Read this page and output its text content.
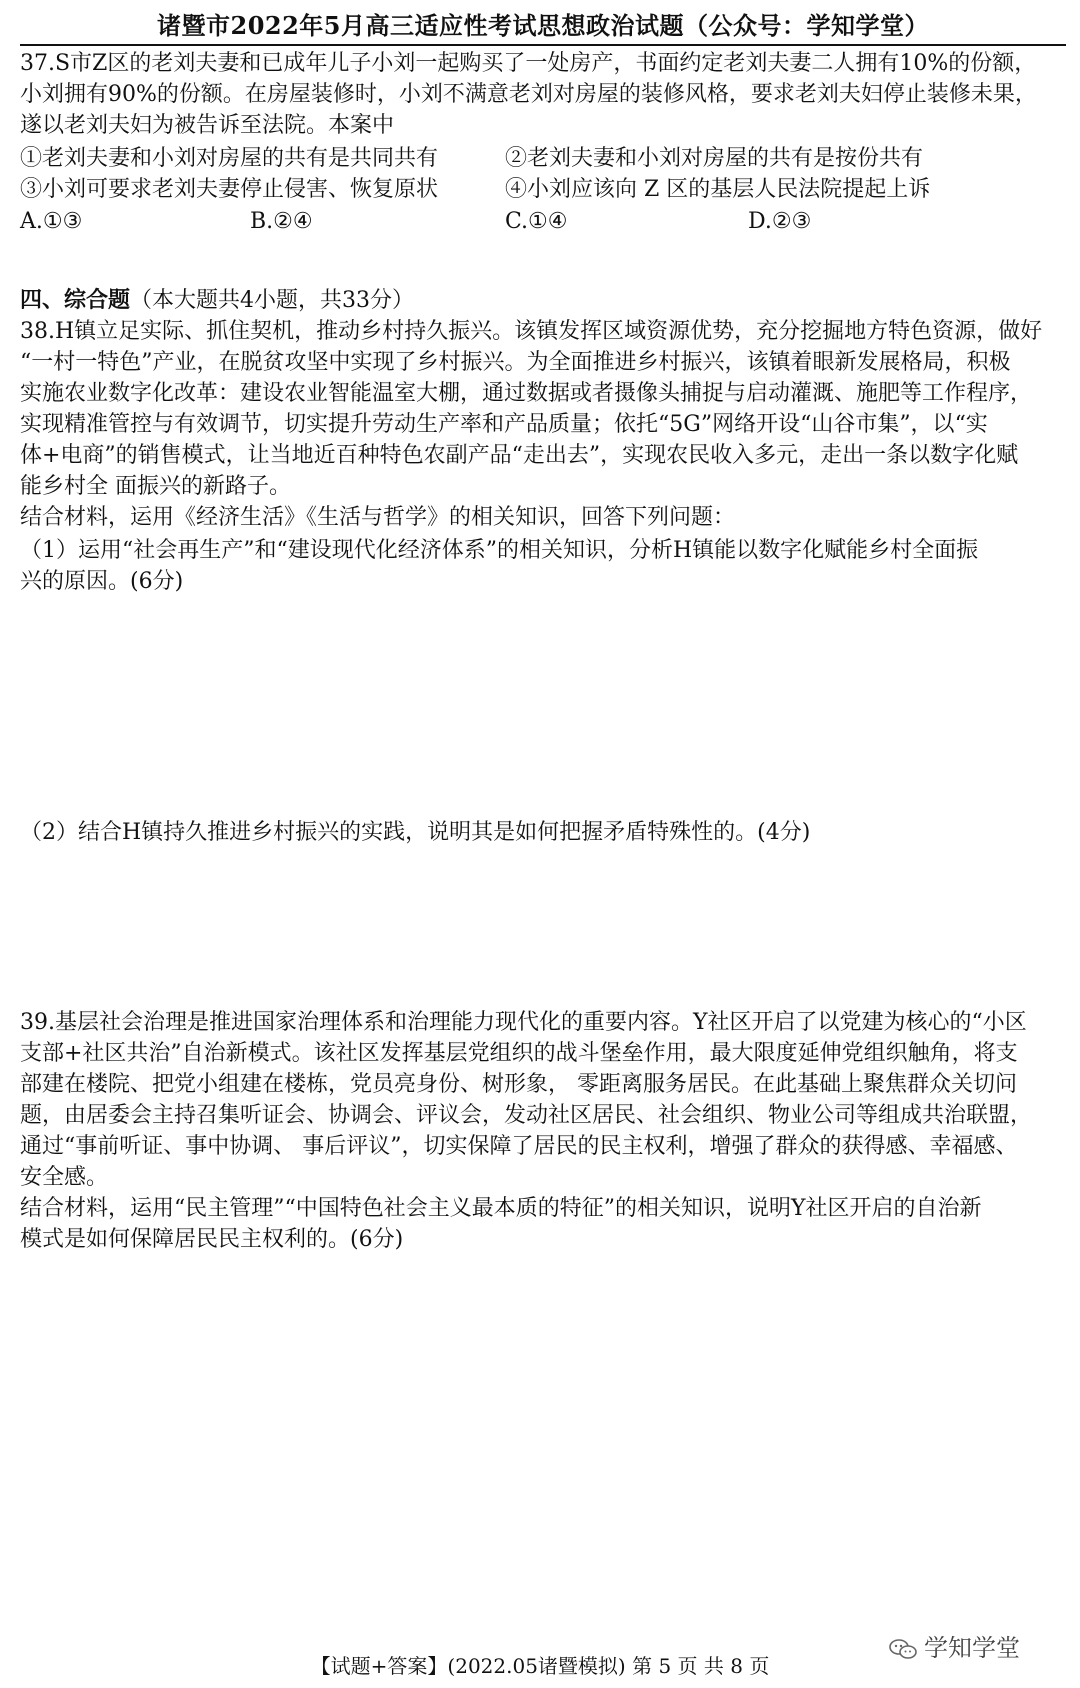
诸暨市2022年5月高三适应性考试思想政治试题（公众号：学知学堂）
37.S市Z区的老刘夫妻和已成年儿子小刘一起购买了一处房产，书面约定老刘夫妻二人拥有10%的份额，
小刘拥有90%的份额。在房屋装修时，小刘不满意老刘对房屋的装修风格，要求老刘夫妇停止装修未果，
遂以老刘夫妇为被告诉至法院。本案中
①老刘夫妻和小刘对房屋的共有是共同共有	②老刘夫妻和小刘对房屋的共有是按份共有
③小刘可要求老刘夫妻停止侵害、恢复原状	④小刘应该向 Z 区的基层人民法院提起上诉
A.①③	B.②④	C.①④	D.②③
四、综合题（本大题共4小题，共33分）
38.H镇立足实际、抓住契机，推动乡村持久振兴。该镇发挥区域资源优势，充分挖掘地方特色资源，做好
“一村一特色”产业，在脱贫攻坚中实现了乡村振兴。为全面推进乡村振兴，该镇着眼新发展格局，积极
实施农业数字化改革：建设农业智能温室大棚，通过数据或者摄像头捕捉与启动灌溉、施肥等工作程序，
实现精准管控与有效调节，切实提升劳动生产率和产品质量；依托“5G”网络开设“山谷市集”，以“实
体+电商”的销售模式，让当地近百种特色农副产品“走出去”，实现农民收入多元，走出一条以数字化赋
能乡村全 面振兴的新路子。
结合材料，运用《经济生活》《生活与哲学》的相关知识，回答下列问题：
（1）运用“社会再生产”和“建设现代化经济体系”的相关知识，分析H镇能以数字化赋能乡村全面振
兴的原因。(6分)
（2）结合H镇持久推进乡村振兴的实践，说明其是如何把握矛盾特殊性的。(4分)
39.基层社会治理是推进国家治理体系和治理能力现代化的重要内容。Y社区开启了以党建为核心的“小区
支部+社区共治”自治新模式。该社区发挥基层党组织的战斗堡垒作用，最大限度延伸党组织触角，将支
部建在楼院、把党小组建在楼栋，党员亮身份、树形象， 零距离服务居民。在此基础上聚焦群众关切问
题，由居委会主持召集听证会、协调会、评议会，发动社区居民、社会组织、物业公司等组成共治联盟，
通过“事前听证、事中协调、 事后评议”，切实保障了居民的民主权利，增强了群众的获得感、幸福感、
安全感。
结合材料，运用“民主管理”“中国特色社会主义最本质的特征”的相关知识，说明Y社区开启的自治新
模式是如何保障居民民主权利的。(6分)
学知学堂
【试题+答案】(2022.05诸暨模拟) 第 5 页 共 8 页
